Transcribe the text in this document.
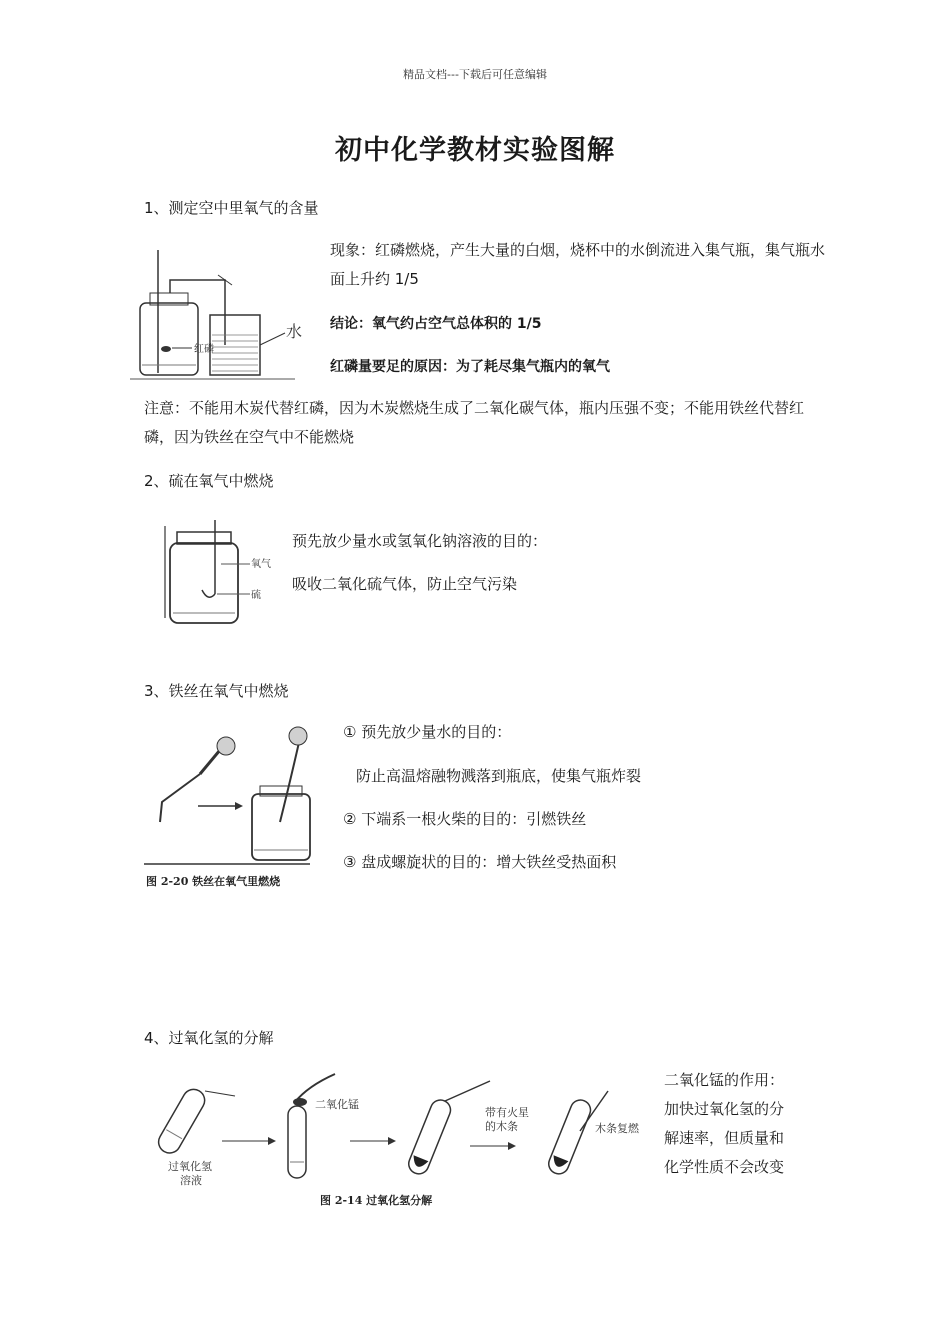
精品文档---下载后可任意编辑
初中化学教材实验图解
1、测定空中里氧气的含量
红磷
水
现象：红磷燃烧，产生大量的白烟，烧杯中的水倒流进入集气瓶，集气瓶水面上升约 1/5
结论：氧气约占空气总体积的 1/5
红磷量要足的原因：为了耗尽集气瓶内的氧气
注意：不能用木炭代替红磷，因为木炭燃烧生成了二氧化碳气体，瓶内压强不变；不能用铁丝代替红磷，因为铁丝在空气中不能燃烧
2、硫在氧气中燃烧
氧气
硫
预先放少量水或氢氧化钠溶液的目的：
吸收二氧化硫气体，防止空气污染
3、铁丝在氧气中燃烧
图 2-20 铁丝在氧气里燃烧
① 预先放少量水的目的：
防止高温熔融物溅落到瓶底，使集气瓶炸裂
② 下端系一根火柴的目的：引燃铁丝
③ 盘成螺旋状的目的：增大铁丝受热面积
4、过氧化氢的分解
过氧化氢
溶液
二氧化锰
带有火星
的木条	木条复燃
图 2-14 过氧化氢分解
二氧化锰的作用：
加快过氧化氢的分
解速率，但质量和
化学性质不会改变
